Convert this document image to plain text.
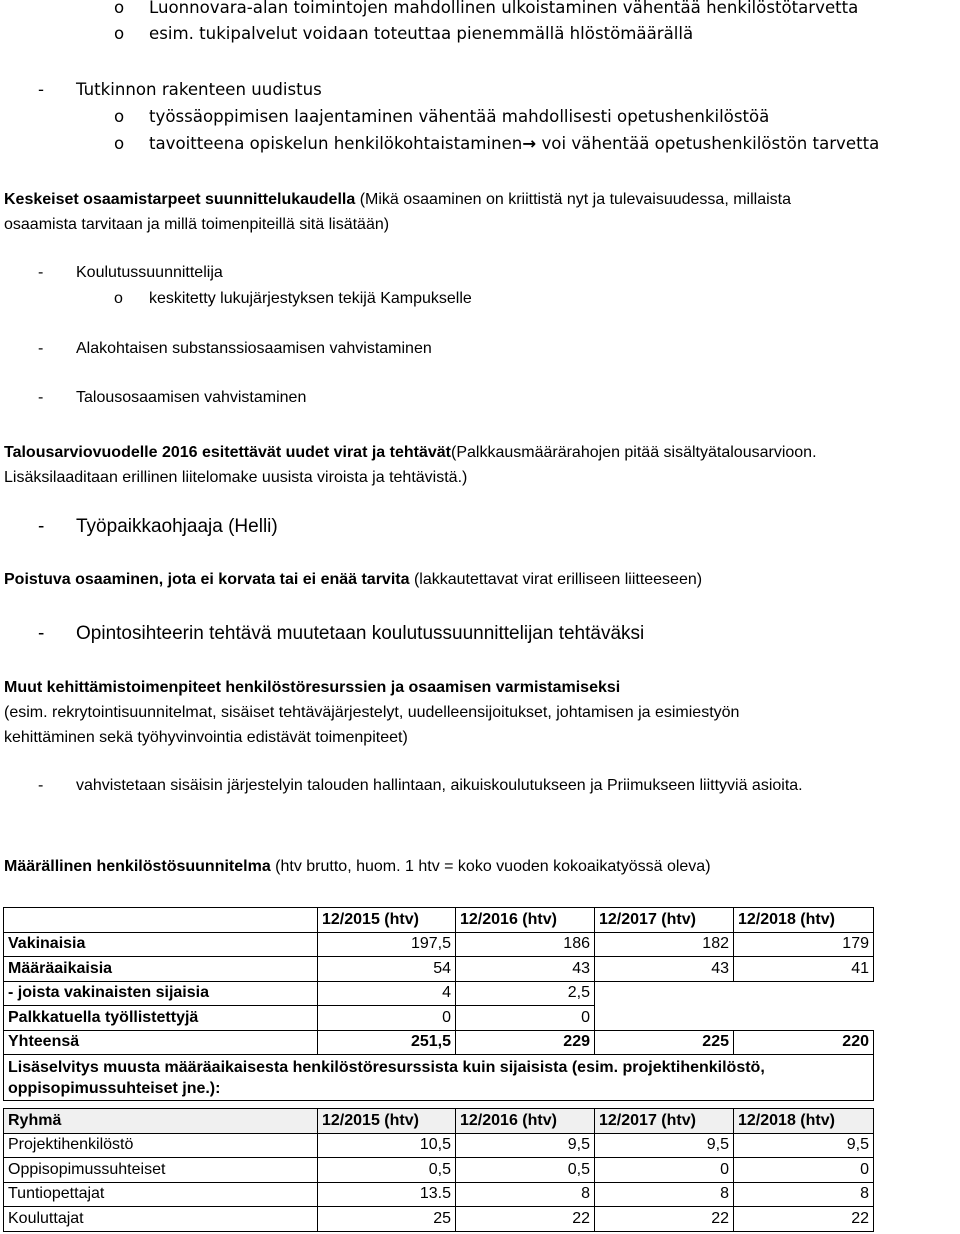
o Luonnovara-alan toimintojen mahdollinen ulkoistaminen vähentää henkilöstötarvetta
o esim. tukipalvelut voidaan toteuttaa pienemmällä hlöstömäärällä
- Tutkinnon rakenteen uudistus
o työssäoppimisen laajentaminen vähentää mahdollisesti opetushenkilöstöä
o tavoitteena opiskelun henkilökohtaistaminen→ voi vähentää opetushenkilöstön tarvetta
Keskeiset osaamistarpeet suunnittelukaudella (Mikä osaaminen on kriittistä nyt ja tulevaisuudessa, millaista
osaamista tarvitaan ja millä toimenpiteillä sitä lisätään)
- Koulutussuunnittelija
o keskitetty lukujärjestyksen tekijä Kampukselle
- Alakohtaisen substanssiosaamisen vahvistaminen
- Talousosaamisen vahvistaminen
Talousarviovuodelle 2016 esitettävät uudet virat ja tehtävät(Palkkausmäärärahojen pitää sisältyätalousarvioon.
Lisäksilaaditaan erillinen liitelomake uusista viroista ja tehtävistä.)
- Työpaikkaohjaaja (Helli)
Poistuva osaaminen, jota ei korvata tai ei enää tarvita (lakkautettavat virat erilliseen liitteeseen)
- Opintosihteerin tehtävä muutetaan koulutussuunnittelijan tehtäväksi
Muut kehittämistoimenpiteet henkilöstöresurssien ja osaamisen varmistamiseksi
(esim. rekrytointisuunnitelmat, sisäiset tehtäväjärjestelyt, uudelleensijoitukset, johtamisen ja esimiestyön
kehittäminen sekä työhyvinvointia edistävät toimenpiteet)
- vahvistetaan sisäisin järjestelyin talouden hallintaan, aikuiskoulutukseen ja Priimukseen liittyviä asioita.
Määrällinen henkilöstösuunnitelma (htv brutto, huom. 1 htv = koko vuoden kokoaikatyössä oleva)
	12/2015 (htv)	12/2016 (htv)	12/2017 (htv)	12/2018 (htv)
Vakinaisia	197,5	186	182	179
Määräaikaisia	54	43	43	41
- joista vakinaisten sijaisia	4	2,5		
Palkkatuella työllistettyjä	0	0		
Yhteensä	251,5	229	225	220
Lisäselvitys muusta määräaikaisesta henkilöstöresurssista kuin sijaisista (esim. projektihenkilöstö, oppisopimussuhteiset jne.):				
Ryhmä	12/2015 (htv)	12/2016 (htv)	12/2017 (htv)	12/2018 (htv)
Projektihenkilöstö	10,5	9,5	9,5	9,5
Oppisopimussuhteiset	0,5	0,5	0	0
Tuntiopettajat	13.5	8	8	8
Kouluttajat	25	22	22	22
